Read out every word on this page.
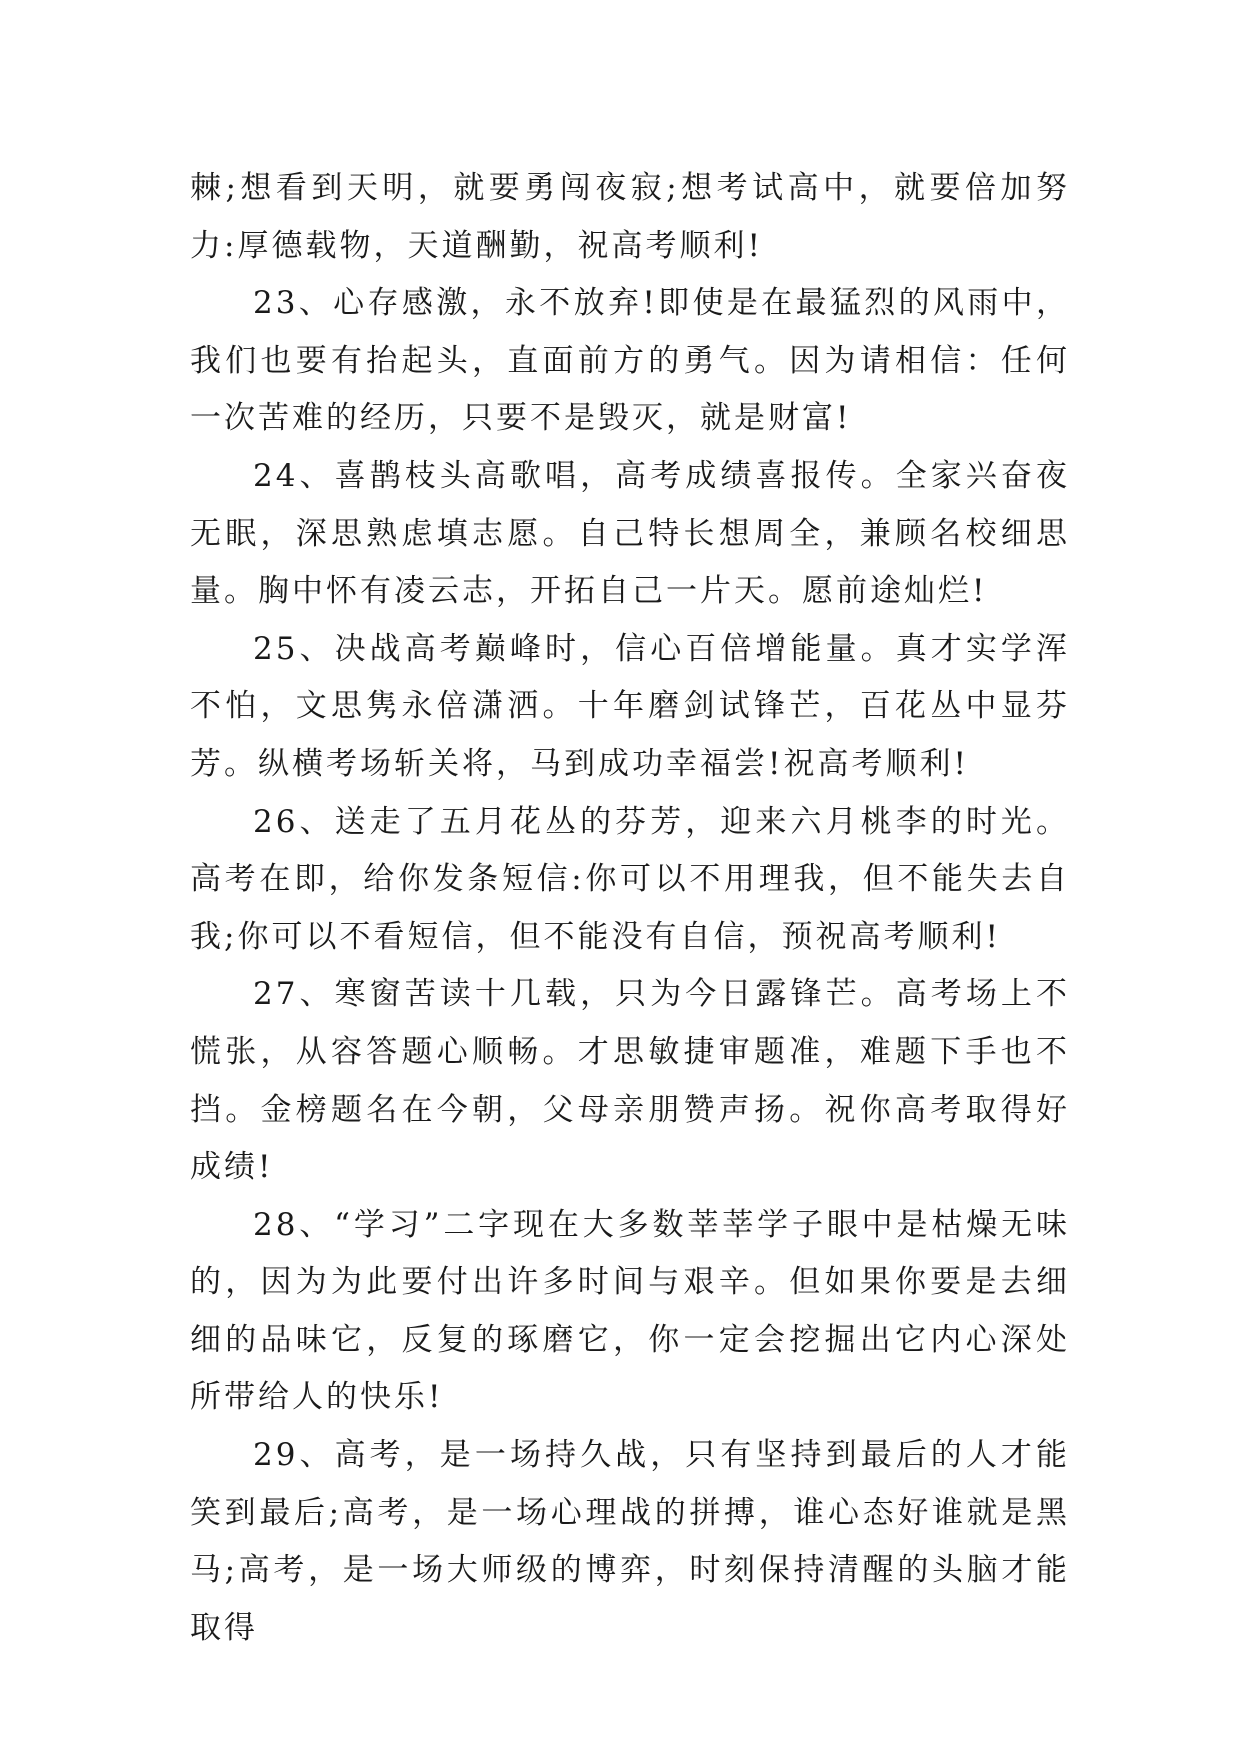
棘;想看到天明，就要勇闯夜寂;想考试高中，就要倍加努力:厚德载物，天道酬勤，祝高考顺利!

23、心存感激，永不放弃!即使是在最猛烈的风雨中，我们也要有抬起头，直面前方的勇气。因为请相信：任何一次苦难的经历，只要不是毁灭，就是财富!

24、喜鹊枝头高歌唱，高考成绩喜报传。全家兴奋夜无眠，深思熟虑填志愿。自己特长想周全，兼顾名校细思量。胸中怀有凌云志，开拓自己一片天。愿前途灿烂!

25、决战高考巅峰时，信心百倍增能量。真才实学浑不怕，文思隽永倍潇洒。十年磨剑试锋芒，百花丛中显芬芳。纵横考场斩关将，马到成功幸福尝!祝高考顺利!

26、送走了五月花丛的芬芳，迎来六月桃李的时光。高考在即，给你发条短信:你可以不用理我，但不能失去自我;你可以不看短信，但不能没有自信，预祝高考顺利!

27、寒窗苦读十几载，只为今日露锋芒。高考场上不慌张，从容答题心顺畅。才思敏捷审题准，难题下手也不挡。金榜题名在今朝，父母亲朋赞声扬。祝你高考取得好成绩!

28、“学习”二字现在大多数莘莘学子眼中是枯燥无味的，因为为此要付出许多时间与艰辛。但如果你要是去细细的品味它，反复的琢磨它，你一定会挖掘出它内心深处所带给人的快乐!

29、高考，是一场持久战，只有坚持到最后的人才能笑到最后;高考，是一场心理战的拼搏，谁心态好谁就是黑马;高考，是一场大师级的博弈，时刻保持清醒的头脑才能取得
